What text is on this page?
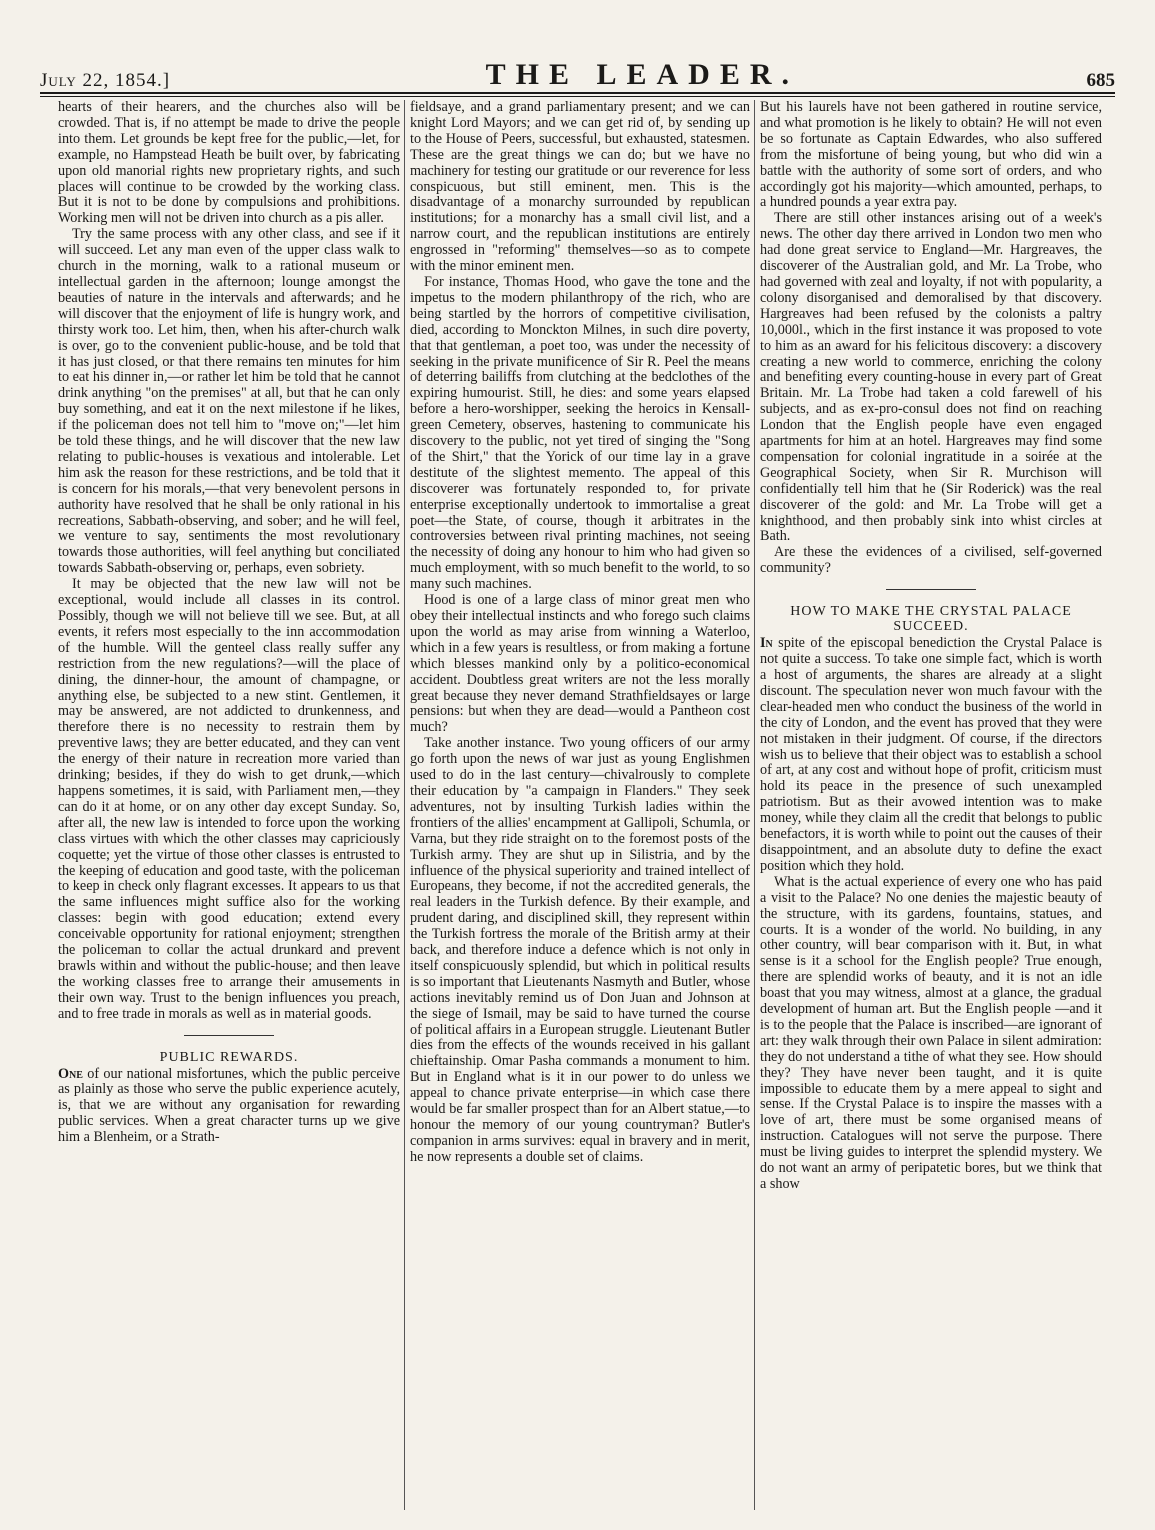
July 22, 1854.]	THE LEADER.	685

hearts of their hearers, and the churches also will be crowded. That is, if no attempt be made to drive the people into them. Let grounds be kept free for the public,—let, for example, no Hampstead Heath be built over, by fabricating upon old manorial rights new proprietary rights, and such places will continue to be crowded by the working class. But it is not to be done by compulsions and prohibitions. Working men will not be driven into church as a pis aller.

Try the same process with any other class, and see if it will succeed. Let any man even of the upper class walk to church in the morning, walk to a rational museum or intellectual garden in the afternoon; lounge amongst the beauties of nature in the intervals and afterwards; and he will discover that the enjoyment of life is hungry work, and thirsty work too. Let him, then, when his after-church walk is over, go to the convenient public-house, and be told that it has just closed, or that there remains ten minutes for him to eat his dinner in,—or rather let him be told that he cannot drink anything "on the premises" at all, but that he can only buy something, and eat it on the next milestone if he likes, if the policeman does not tell him to "move on;"—let him be told these things, and he will discover that the new law relating to public-houses is vexatious and intolerable. Let him ask the reason for these restrictions, and be told that it is concern for his morals,—that very benevolent persons in authority have resolved that he shall be only rational in his recreations, Sabbath-observing, and sober; and he will feel, we venture to say, sentiments the most revolutionary towards those authorities, will feel anything but conciliated towards Sabbath-observing or, perhaps, even sobriety.

It may be objected that the new law will not be exceptional, would include all classes in its control. Possibly, though we will not believe till we see. But, at all events, it refers most especially to the inn accommodation of the humble. Will the genteel class really suffer any restriction from the new regulations?—will the place of dining, the dinner-hour, the amount of champagne, or anything else, be subjected to a new stint. Gentlemen, it may be answered, are not addicted to drunkenness, and therefore there is no necessity to restrain them by preventive laws; they are better educated, and they can vent the energy of their nature in recreation more varied than drinking; besides, if they do wish to get drunk,—which happens sometimes, it is said, with Parliament men,—they can do it at home, or on any other day except Sunday. So, after all, the new law is intended to force upon the working class virtues with which the other classes may capriciously coquette; yet the virtue of those other classes is entrusted to the keeping of education and good taste, with the policeman to keep in check only flagrant excesses. It appears to us that the same influences might suffice also for the working classes: begin with good education; extend every conceivable opportunity for rational enjoyment; strengthen the policeman to collar the actual drunkard and prevent brawls within and without the public-house; and then leave the working classes free to arrange their amusements in their own way. Trust to the benign influences you preach, and to free trade in morals as well as in material goods.

PUBLIC REWARDS.

One of our national misfortunes, which the public perceive as plainly as those who serve the public experience acutely, is, that we are without any organisation for rewarding public services. When a great character turns up we give him a Blenheim, or a Strath-

fieldsaye, and a grand parliamentary present; and we can knight Lord Mayors; and we can get rid of, by sending up to the House of Peers, successful, but exhausted, statesmen. These are the great things we can do; but we have no machinery for testing our gratitude or our reverence for less conspicuous, but still eminent, men. This is the disadvantage of a monarchy surrounded by republican institutions; for a monarchy has a small civil list, and a narrow court, and the republican institutions are entirely engrossed in "reforming" themselves—so as to compete with the minor eminent men.

For instance, Thomas Hood, who gave the tone and the impetus to the modern philanthropy of the rich, who are being startled by the horrors of competitive civilisation, died, according to Monckton Milnes, in such dire poverty, that that gentleman, a poet too, was under the necessity of seeking in the private munificence of Sir R. Peel the means of deterring bailiffs from clutching at the bedclothes of the expiring humourist. Still, he dies: and some years elapsed before a hero-worshipper, seeking the heroics in Kensall-green Cemetery, observes, hastening to communicate his discovery to the public, not yet tired of singing the "Song of the Shirt," that the Yorick of our time lay in a grave destitute of the slightest memento. The appeal of this discoverer was fortunately responded to, for private enterprise exceptionally undertook to immortalise a great poet—the State, of course, though it arbitrates in the controversies between rival printing machines, not seeing the necessity of doing any honour to him who had given so much employment, with so much benefit to the world, to so many such machines.

Hood is one of a large class of minor great men who obey their intellectual instincts and who forego such claims upon the world as may arise from winning a Waterloo, which in a few years is resultless, or from making a fortune which blesses mankind only by a politico-economical accident. Doubtless great writers are not the less morally great because they never demand Strathfieldsayes or large pensions: but when they are dead—would a Pantheon cost much?

Take another instance. Two young officers of our army go forth upon the news of war just as young Englishmen used to do in the last century—chivalrously to complete their education by "a campaign in Flanders." They seek adventures, not by insulting Turkish ladies within the frontiers of the allies' encampment at Gallipoli, Schumla, or Varna, but they ride straight on to the foremost posts of the Turkish army. They are shut up in Silistria, and by the influence of the physical superiority and trained intellect of Europeans, they become, if not the accredited generals, the real leaders in the Turkish defence. By their example, and prudent daring, and disciplined skill, they represent within the Turkish fortress the morale of the British army at their back, and therefore induce a defence which is not only in itself conspicuously splendid, but which in political results is so important that Lieutenants Nasmyth and Butler, whose actions inevitably remind us of Don Juan and Johnson at the siege of Ismail, may be said to have turned the course of political affairs in a European struggle. Lieutenant Butler dies from the effects of the wounds received in his gallant chieftainship. Omar Pasha commands a monument to him. But in England what is it in our power to do unless we appeal to chance private enterprise—in which case there would be far smaller prospect than for an Albert statue,—to honour the memory of our young countryman? Butler's companion in arms survives: equal in bravery and in merit, he now represents a double set of claims.

But his laurels have not been gathered in routine service, and what promotion is he likely to obtain? He will not even be so fortunate as Captain Edwardes, who also suffered from the misfortune of being young, but who did win a battle with the authority of some sort of orders, and who accordingly got his majority—which amounted, perhaps, to a hundred pounds a year extra pay.

There are still other instances arising out of a week's news. The other day there arrived in London two men who had done great service to England—Mr. Hargreaves, the discoverer of the Australian gold, and Mr. La Trobe, who had governed with zeal and loyalty, if not with popularity, a colony disorganised and demoralised by that discovery. Hargreaves had been refused by the colonists a paltry 10,000l., which in the first instance it was proposed to vote to him as an award for his felicitous discovery: a discovery creating a new world to commerce, enriching the colony and benefiting every counting-house in every part of Great Britain. Mr. La Trobe had taken a cold farewell of his subjects, and as ex-pro-consul does not find on reaching London that the English people have even engaged apartments for him at an hotel. Hargreaves may find some compensation for colonial ingratitude in a soirée at the Geographical Society, when Sir R. Murchison will confidentially tell him that he (Sir Roderick) was the real discoverer of the gold: and Mr. La Trobe will get a knighthood, and then probably sink into whist circles at Bath.

Are these the evidences of a civilised, self-governed community?

HOW TO MAKE THE CRYSTAL PALACE SUCCEED.

In spite of the episcopal benediction the Crystal Palace is not quite a success. To take one simple fact, which is worth a host of arguments, the shares are already at a slight discount. The speculation never won much favour with the clear-headed men who conduct the business of the world in the city of London, and the event has proved that they were not mistaken in their judgment. Of course, if the directors wish us to believe that their object was to establish a school of art, at any cost and without hope of profit, criticism must hold its peace in the presence of such unexampled patriotism. But as their avowed intention was to make money, while they claim all the credit that belongs to public benefactors, it is worth while to point out the causes of their disappointment, and an absolute duty to define the exact position which they hold.

What is the actual experience of every one who has paid a visit to the Palace? No one denies the majestic beauty of the structure, with its gardens, fountains, statues, and courts. It is a wonder of the world. No building, in any other country, will bear comparison with it. But, in what sense is it a school for the English people? True enough, there are splendid works of beauty, and it is not an idle boast that you may witness, almost at a glance, the gradual development of human art. But the English people —and it is to the people that the Palace is inscribed—are ignorant of art: they walk through their own Palace in silent admiration: they do not understand a tithe of what they see. How should they? They have never been taught, and it is quite impossible to educate them by a mere appeal to sight and sense. If the Crystal Palace is to inspire the masses with a love of art, there must be some organised means of instruction. Catalogues will not serve the purpose. There must be living guides to interpret the splendid mystery. We do not want an army of peripatetic bores, but we think that a show
